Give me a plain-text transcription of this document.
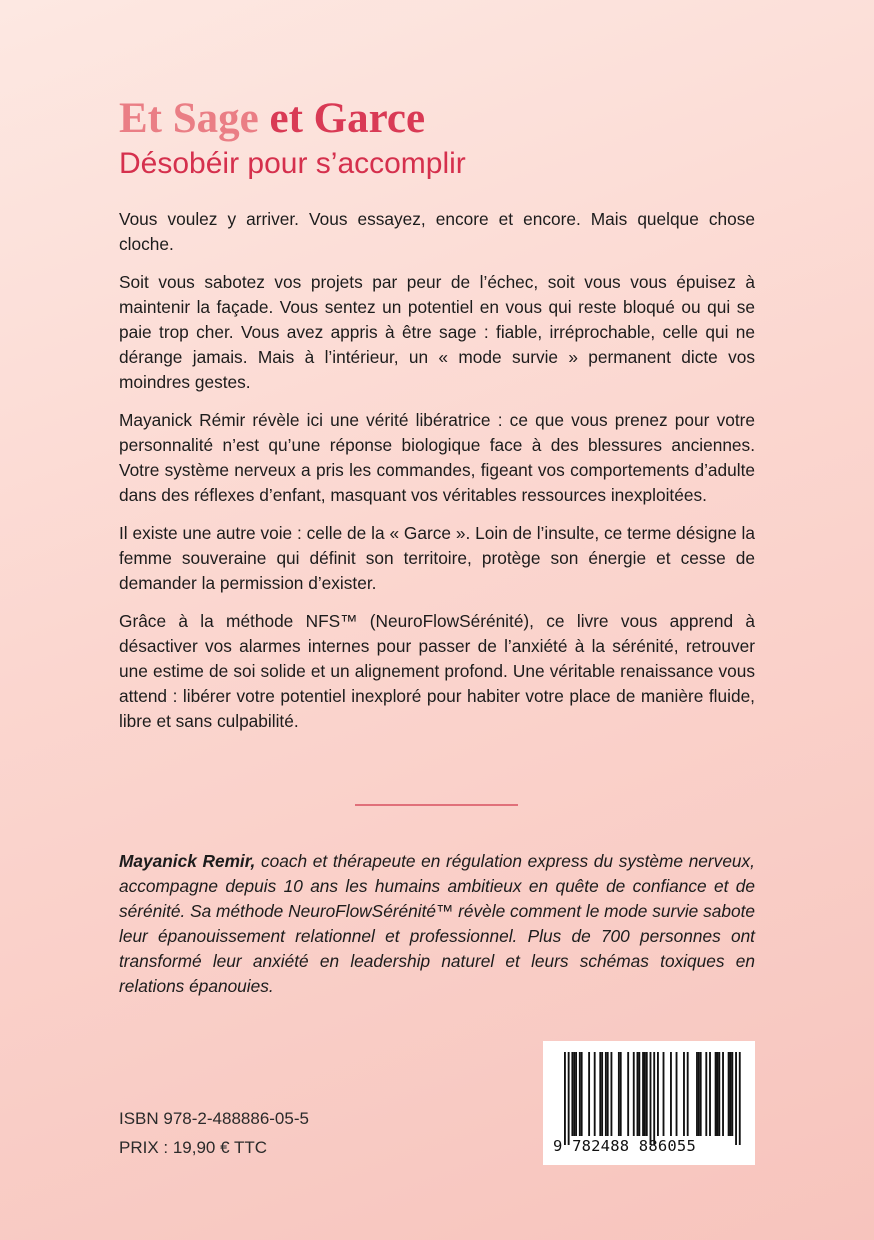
Et Sage et Garce
Désobéir pour s’accomplir

Vous voulez y arriver. Vous essayez, encore et encore. Mais quelque chose cloche.

Soit vous sabotez vos projets par peur de l’échec, soit vous vous épuisez à maintenir la façade. Vous sentez un potentiel en vous qui reste bloqué ou qui se paie trop cher. Vous avez appris à être sage : fiable, irréprochable, celle qui ne dérange jamais. Mais à l’intérieur, un « mode survie » permanent dicte vos moindres gestes.

Mayanick Rémir révèle ici une vérité libératrice : ce que vous prenez pour votre personnalité n’est qu’une réponse biologique face à des blessures anciennes. Votre système nerveux a pris les commandes, figeant vos comportements d’adulte dans des réflexes d’enfant, masquant vos véritables ressources inexploitées.

Il existe une autre voie : celle de la « Garce ». Loin de l’insulte, ce terme désigne la femme souveraine qui définit son territoire, protège son énergie et cesse de demander la permission d’exister.

Grâce à la méthode NFS™ (NeuroFlowSérénité), ce livre vous apprend à désactiver vos alarmes internes pour passer de l’anxiété à la sérénité, retrouver une estime de soi solide et un alignement profond. Une véritable renaissance vous attend : libérer votre potentiel inexploré pour habiter votre place de manière fluide, libre et sans culpabilité.

Mayanick Remir, coach et thérapeute en régulation express du système nerveux, accompagne depuis 10 ans les humains ambitieux en quête de confiance et de sérénité. Sa méthode NeuroFlowSérénité™ révèle comment le mode survie sabote leur épanouissement relationnel et professionnel. Plus de 700 personnes ont transformé leur anxiété en leadership naturel et leurs schémas toxiques en relations épanouies.

ISBN 978-2-488886-05-5

PRIX : 19,90 € TTC	9 782488 886055
